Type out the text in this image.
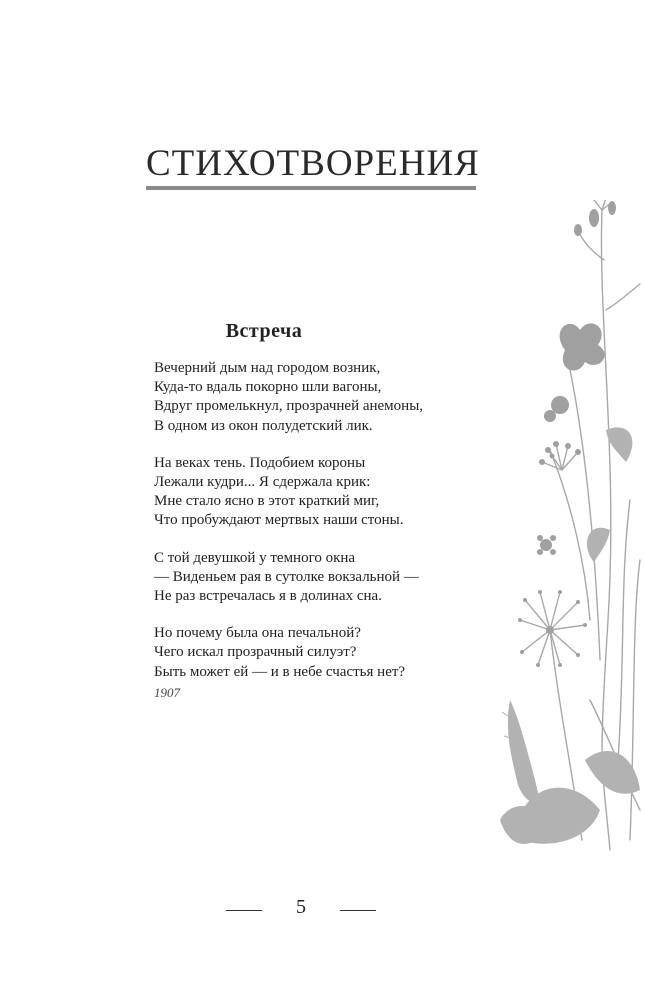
СТИХОТВОРЕНИЯ
Встреча
Вечерний дым над городом возник,
Куда-то вдаль покорно шли вагоны,
Вдруг промелькнул, прозрачней анемоны,
В одном из окон полудетский лик.
На веках тень. Подобием короны
Лежали кудри... Я сдержала крик:
Мне стало ясно в этот краткий миг,
Что пробуждают мертвых наши стоны.
С той девушкой у темного окна
— Виденьем рая в сутолке вокзальной —
Не раз встречалась я в долинах сна.
Но почему была она печальной?
Чего искал прозрачный силуэт?
Быть может ей — и в небе счастья нет?
1907
5
